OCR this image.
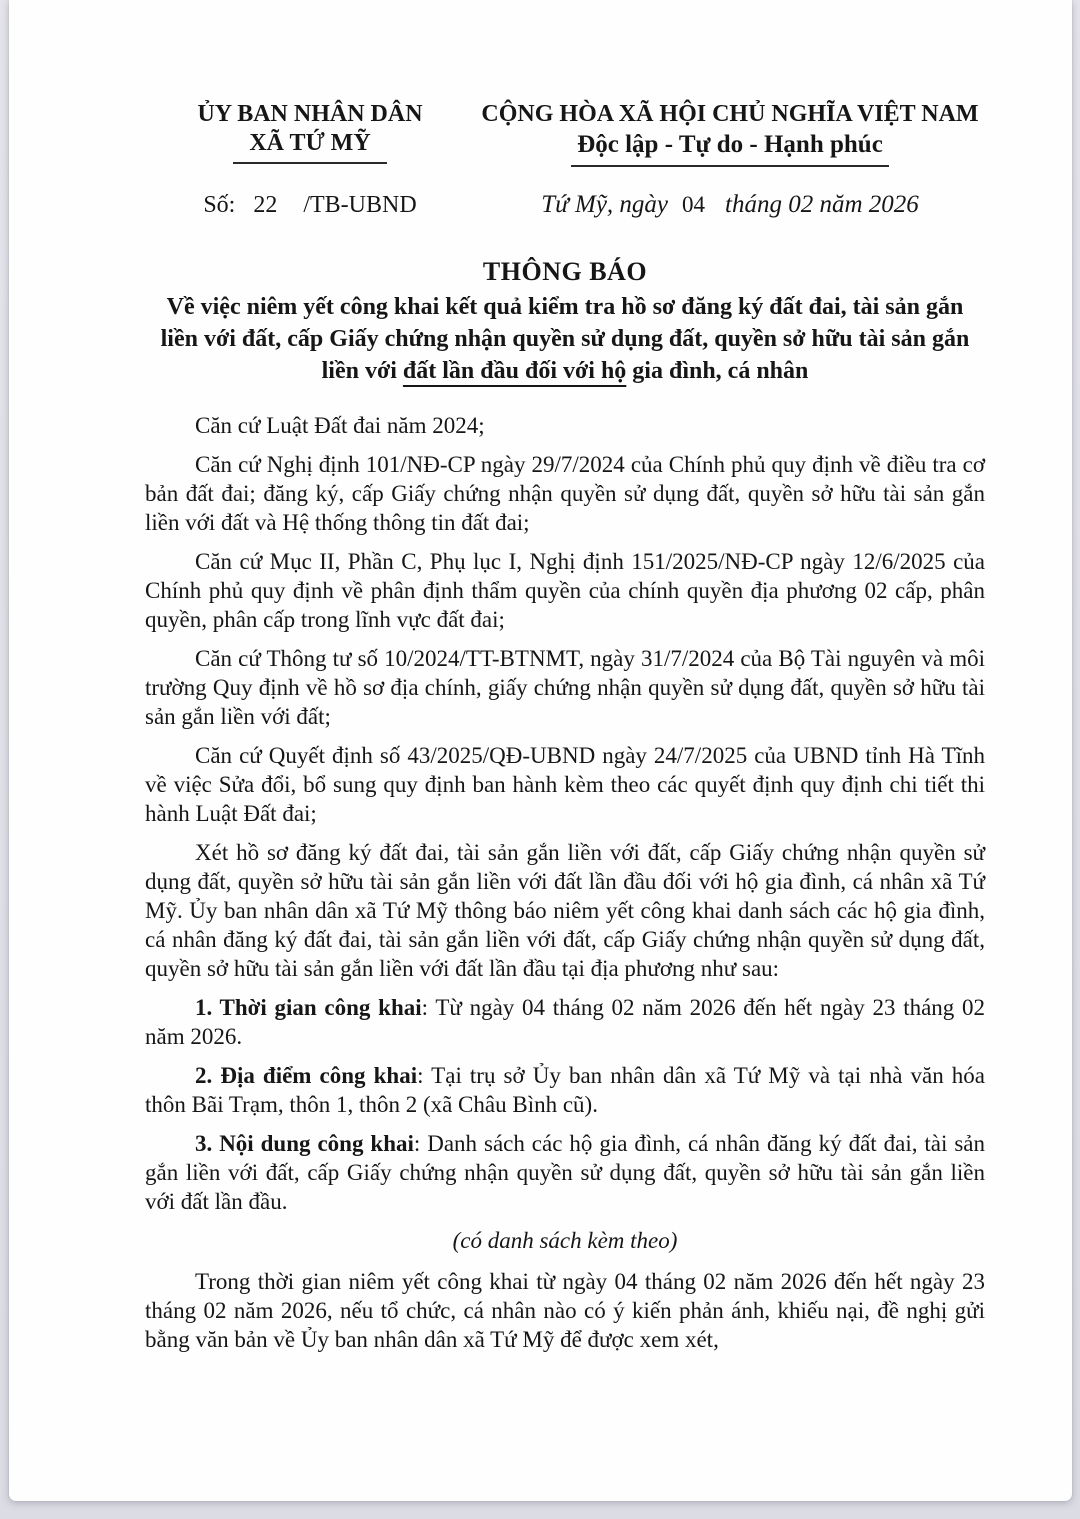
ỦY BAN NHÂN DÂN
XÃ TỨ MỸ
Số: 22 /TB-UBND
CỘNG HÒA XÃ HỘI CHỦ NGHĨA VIỆT NAM
Độc lập - Tự do - Hạnh phúc
Tứ Mỹ, ngày 04 tháng 02 năm 2026
THÔNG BÁO
Về việc niêm yết công khai kết quả kiểm tra hồ sơ đăng ký đất đai, tài sản gắn liền với đất, cấp Giấy chứng nhận quyền sử dụng đất, quyền sở hữu tài sản gắn liền với đất lần đầu đối với hộ gia đình, cá nhân

Căn cứ Luật Đất đai năm 2024;

Căn cứ Nghị định 101/NĐ-CP ngày 29/7/2024 của Chính phủ quy định về điều tra cơ bản đất đai; đăng ký, cấp Giấy chứng nhận quyền sử dụng đất, quyền sở hữu tài sản gắn liền với đất và Hệ thống thông tin đất đai;

Căn cứ Mục II, Phần C, Phụ lục I, Nghị định 151/2025/NĐ-CP ngày 12/6/2025 của Chính phủ quy định về phân định thẩm quyền của chính quyền địa phương 02 cấp, phân quyền, phân cấp trong lĩnh vực đất đai;

Căn cứ Thông tư số 10/2024/TT-BTNMT, ngày 31/7/2024 của Bộ Tài nguyên và môi trường Quy định về hồ sơ địa chính, giấy chứng nhận quyền sử dụng đất, quyền sở hữu tài sản gắn liền với đất;

Căn cứ Quyết định số 43/2025/QĐ-UBND ngày 24/7/2025 của UBND tỉnh Hà Tĩnh về việc Sửa đổi, bổ sung quy định ban hành kèm theo các quyết định quy định chi tiết thi hành Luật Đất đai;

Xét hồ sơ đăng ký đất đai, tài sản gắn liền với đất, cấp Giấy chứng nhận quyền sử dụng đất, quyền sở hữu tài sản gắn liền với đất lần đầu đối với hộ gia đình, cá nhân xã Tứ Mỹ. Ủy ban nhân dân xã Tứ Mỹ thông báo niêm yết công khai danh sách các hộ gia đình, cá nhân đăng ký đất đai, tài sản gắn liền với đất, cấp Giấy chứng nhận quyền sử dụng đất, quyền sở hữu tài sản gắn liền với đất lần đầu tại địa phương như sau:

1. Thời gian công khai: Từ ngày 04 tháng 02 năm 2026 đến hết ngày 23 tháng 02 năm 2026.

2. Địa điểm công khai: Tại trụ sở Ủy ban nhân dân xã Tứ Mỹ và tại nhà văn hóa thôn Bãi Trạm, thôn 1, thôn 2 (xã Châu Bình cũ).

3. Nội dung công khai: Danh sách các hộ gia đình, cá nhân đăng ký đất đai, tài sản gắn liền với đất, cấp Giấy chứng nhận quyền sử dụng đất, quyền sở hữu tài sản gắn liền với đất lần đầu.

(có danh sách kèm theo)

Trong thời gian niêm yết công khai từ ngày 04 tháng 02 năm 2026 đến hết ngày 23 tháng 02 năm 2026, nếu tổ chức, cá nhân nào có ý kiến phản ánh, khiếu nại, đề nghị gửi bằng văn bản về Ủy ban nhân dân xã Tứ Mỹ để được xem xét,
